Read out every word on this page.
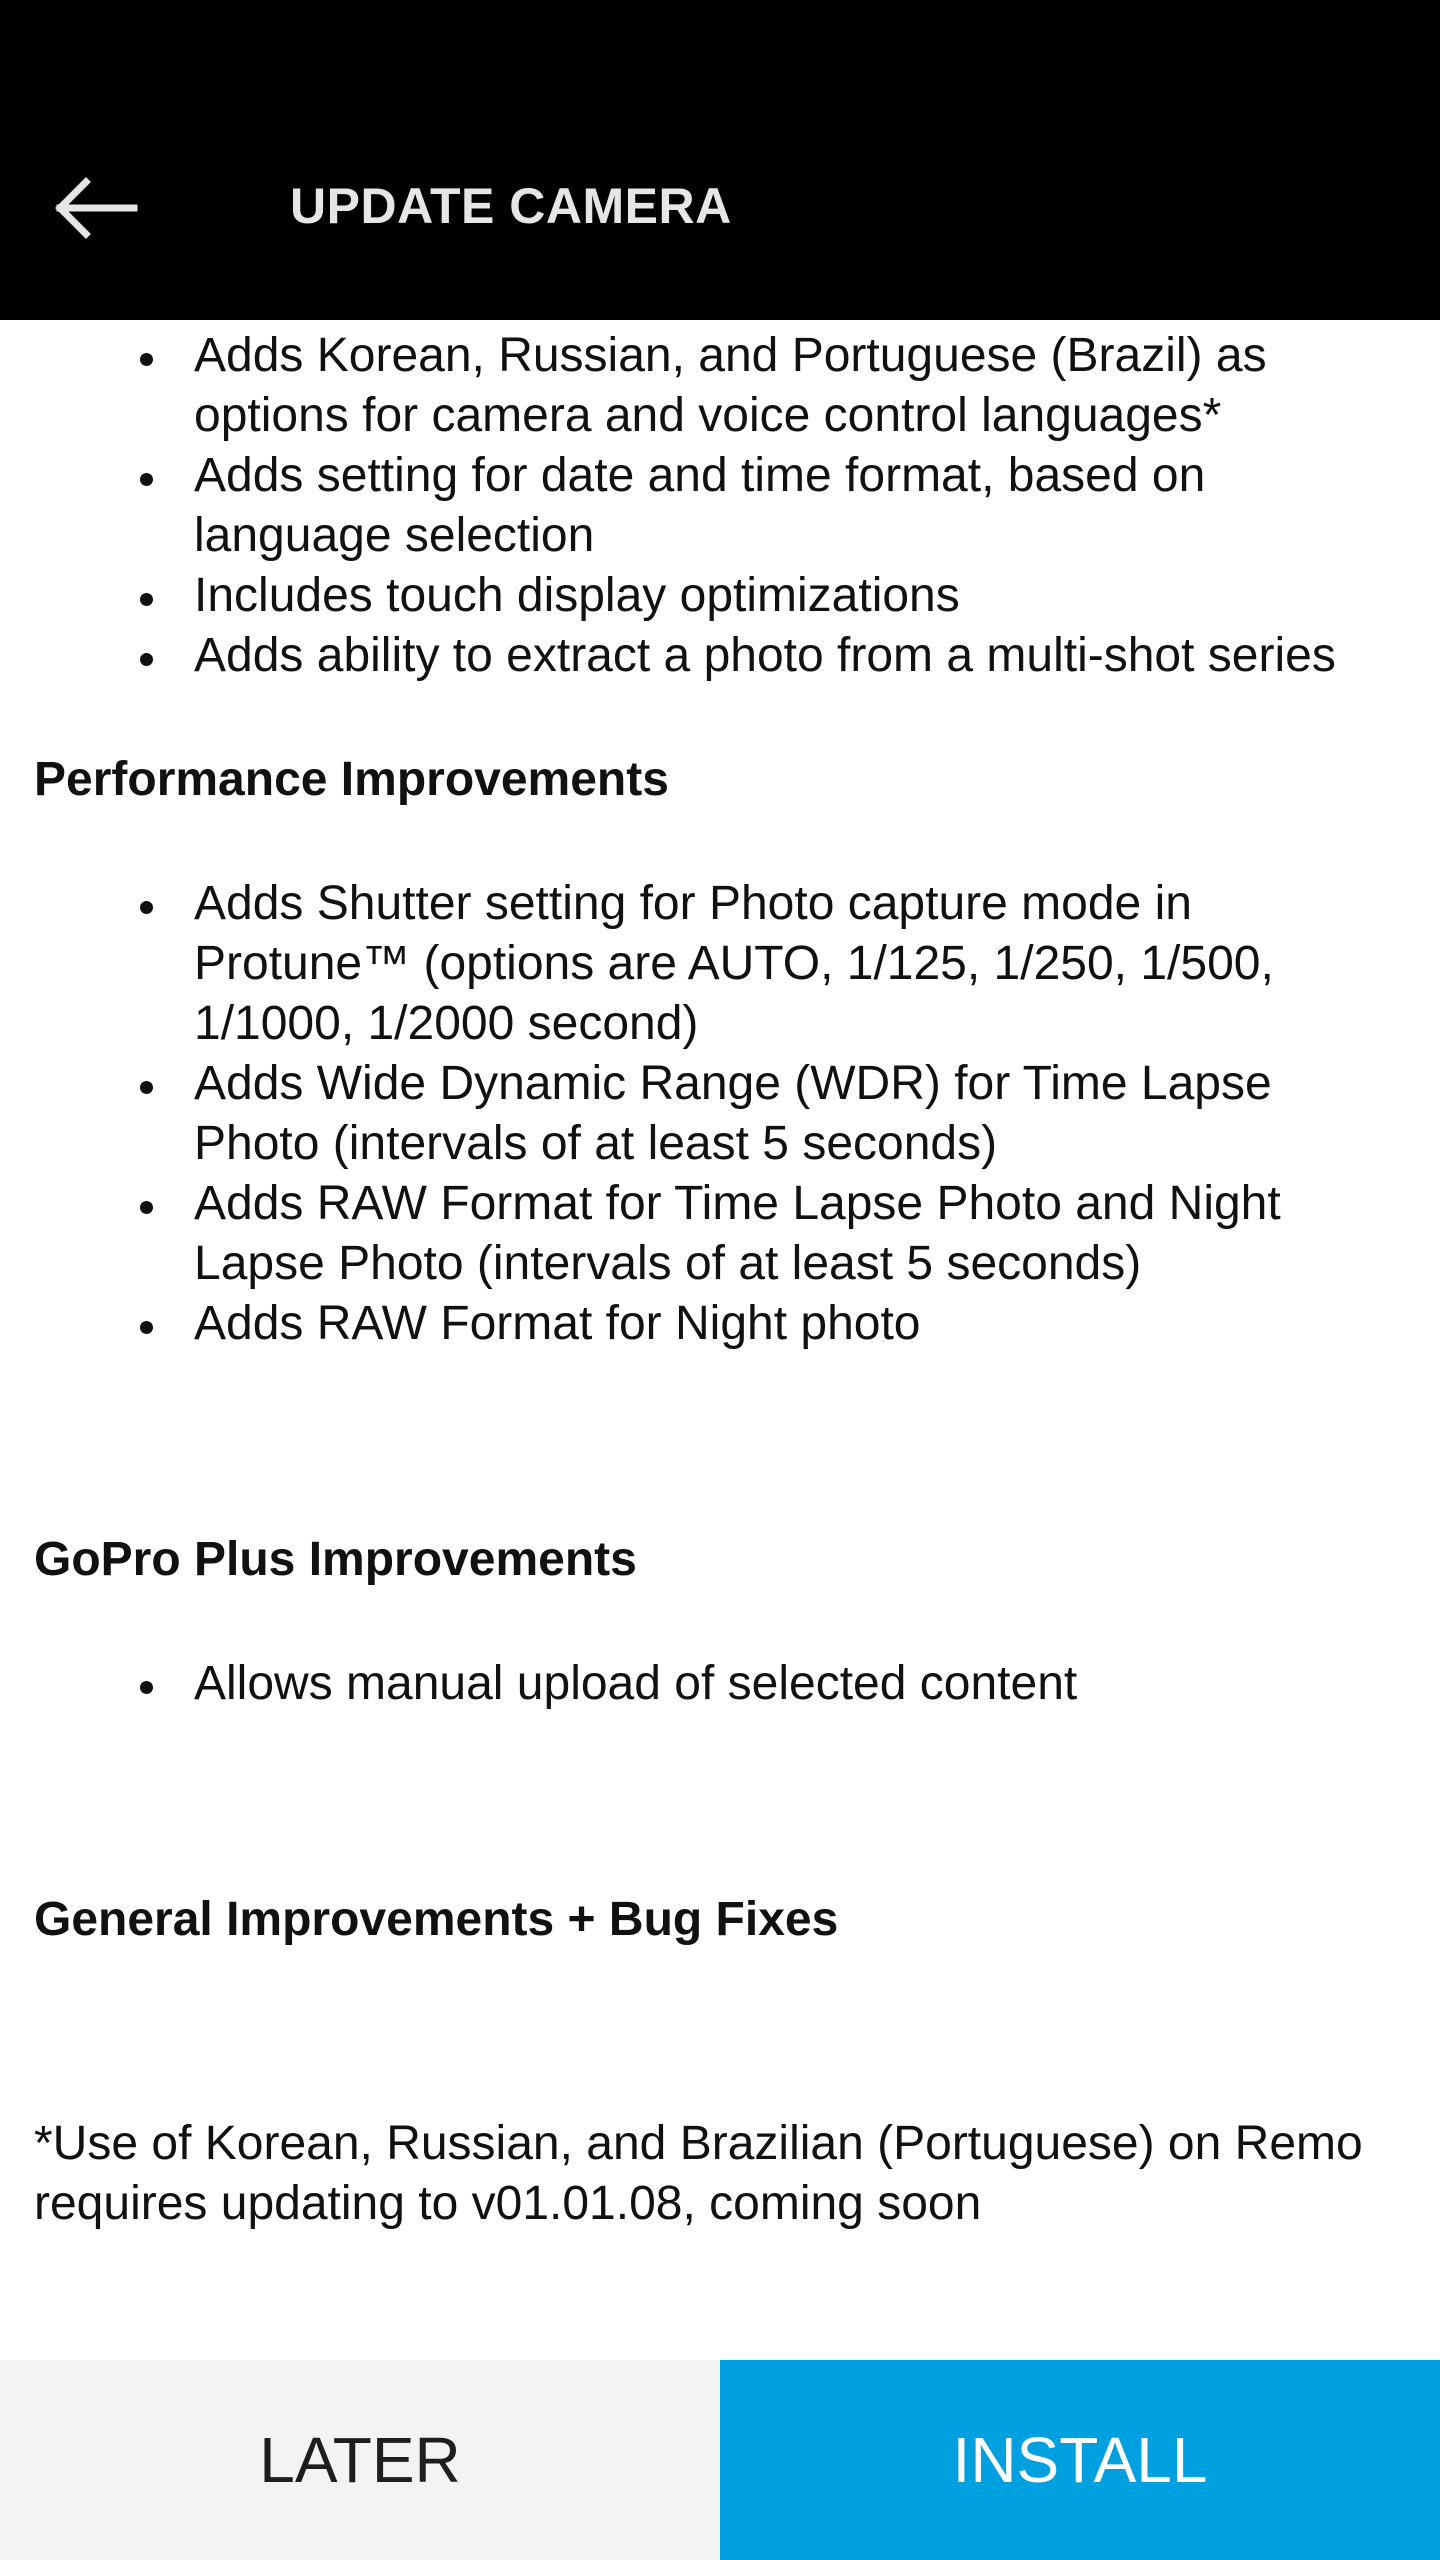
UPDATE CAMERA
Adds Korean, Russian, and Portuguese (Brazil) as options for camera and voice control languages*
Adds setting for date and time format, based on language selection
Includes touch display optimizations
Adds ability to extract a photo from a multi-shot series
Performance Improvements
Adds Shutter setting for Photo capture mode in Protune™ (options are AUTO, 1/125, 1/250, 1/500, 1/1000, 1/2000 second)
Adds Wide Dynamic Range (WDR) for Time Lapse Photo (intervals of at least 5 seconds)
Adds RAW Format for Time Lapse Photo and Night Lapse Photo (intervals of at least 5 seconds)
Adds RAW Format for Night photo
GoPro Plus Improvements
Allows manual upload of selected content
General Improvements + Bug Fixes
*Use of Korean, Russian, and Brazilian (Portuguese) on Remo requires updating to v01.01.08, coming soon
LATER	INSTALL
